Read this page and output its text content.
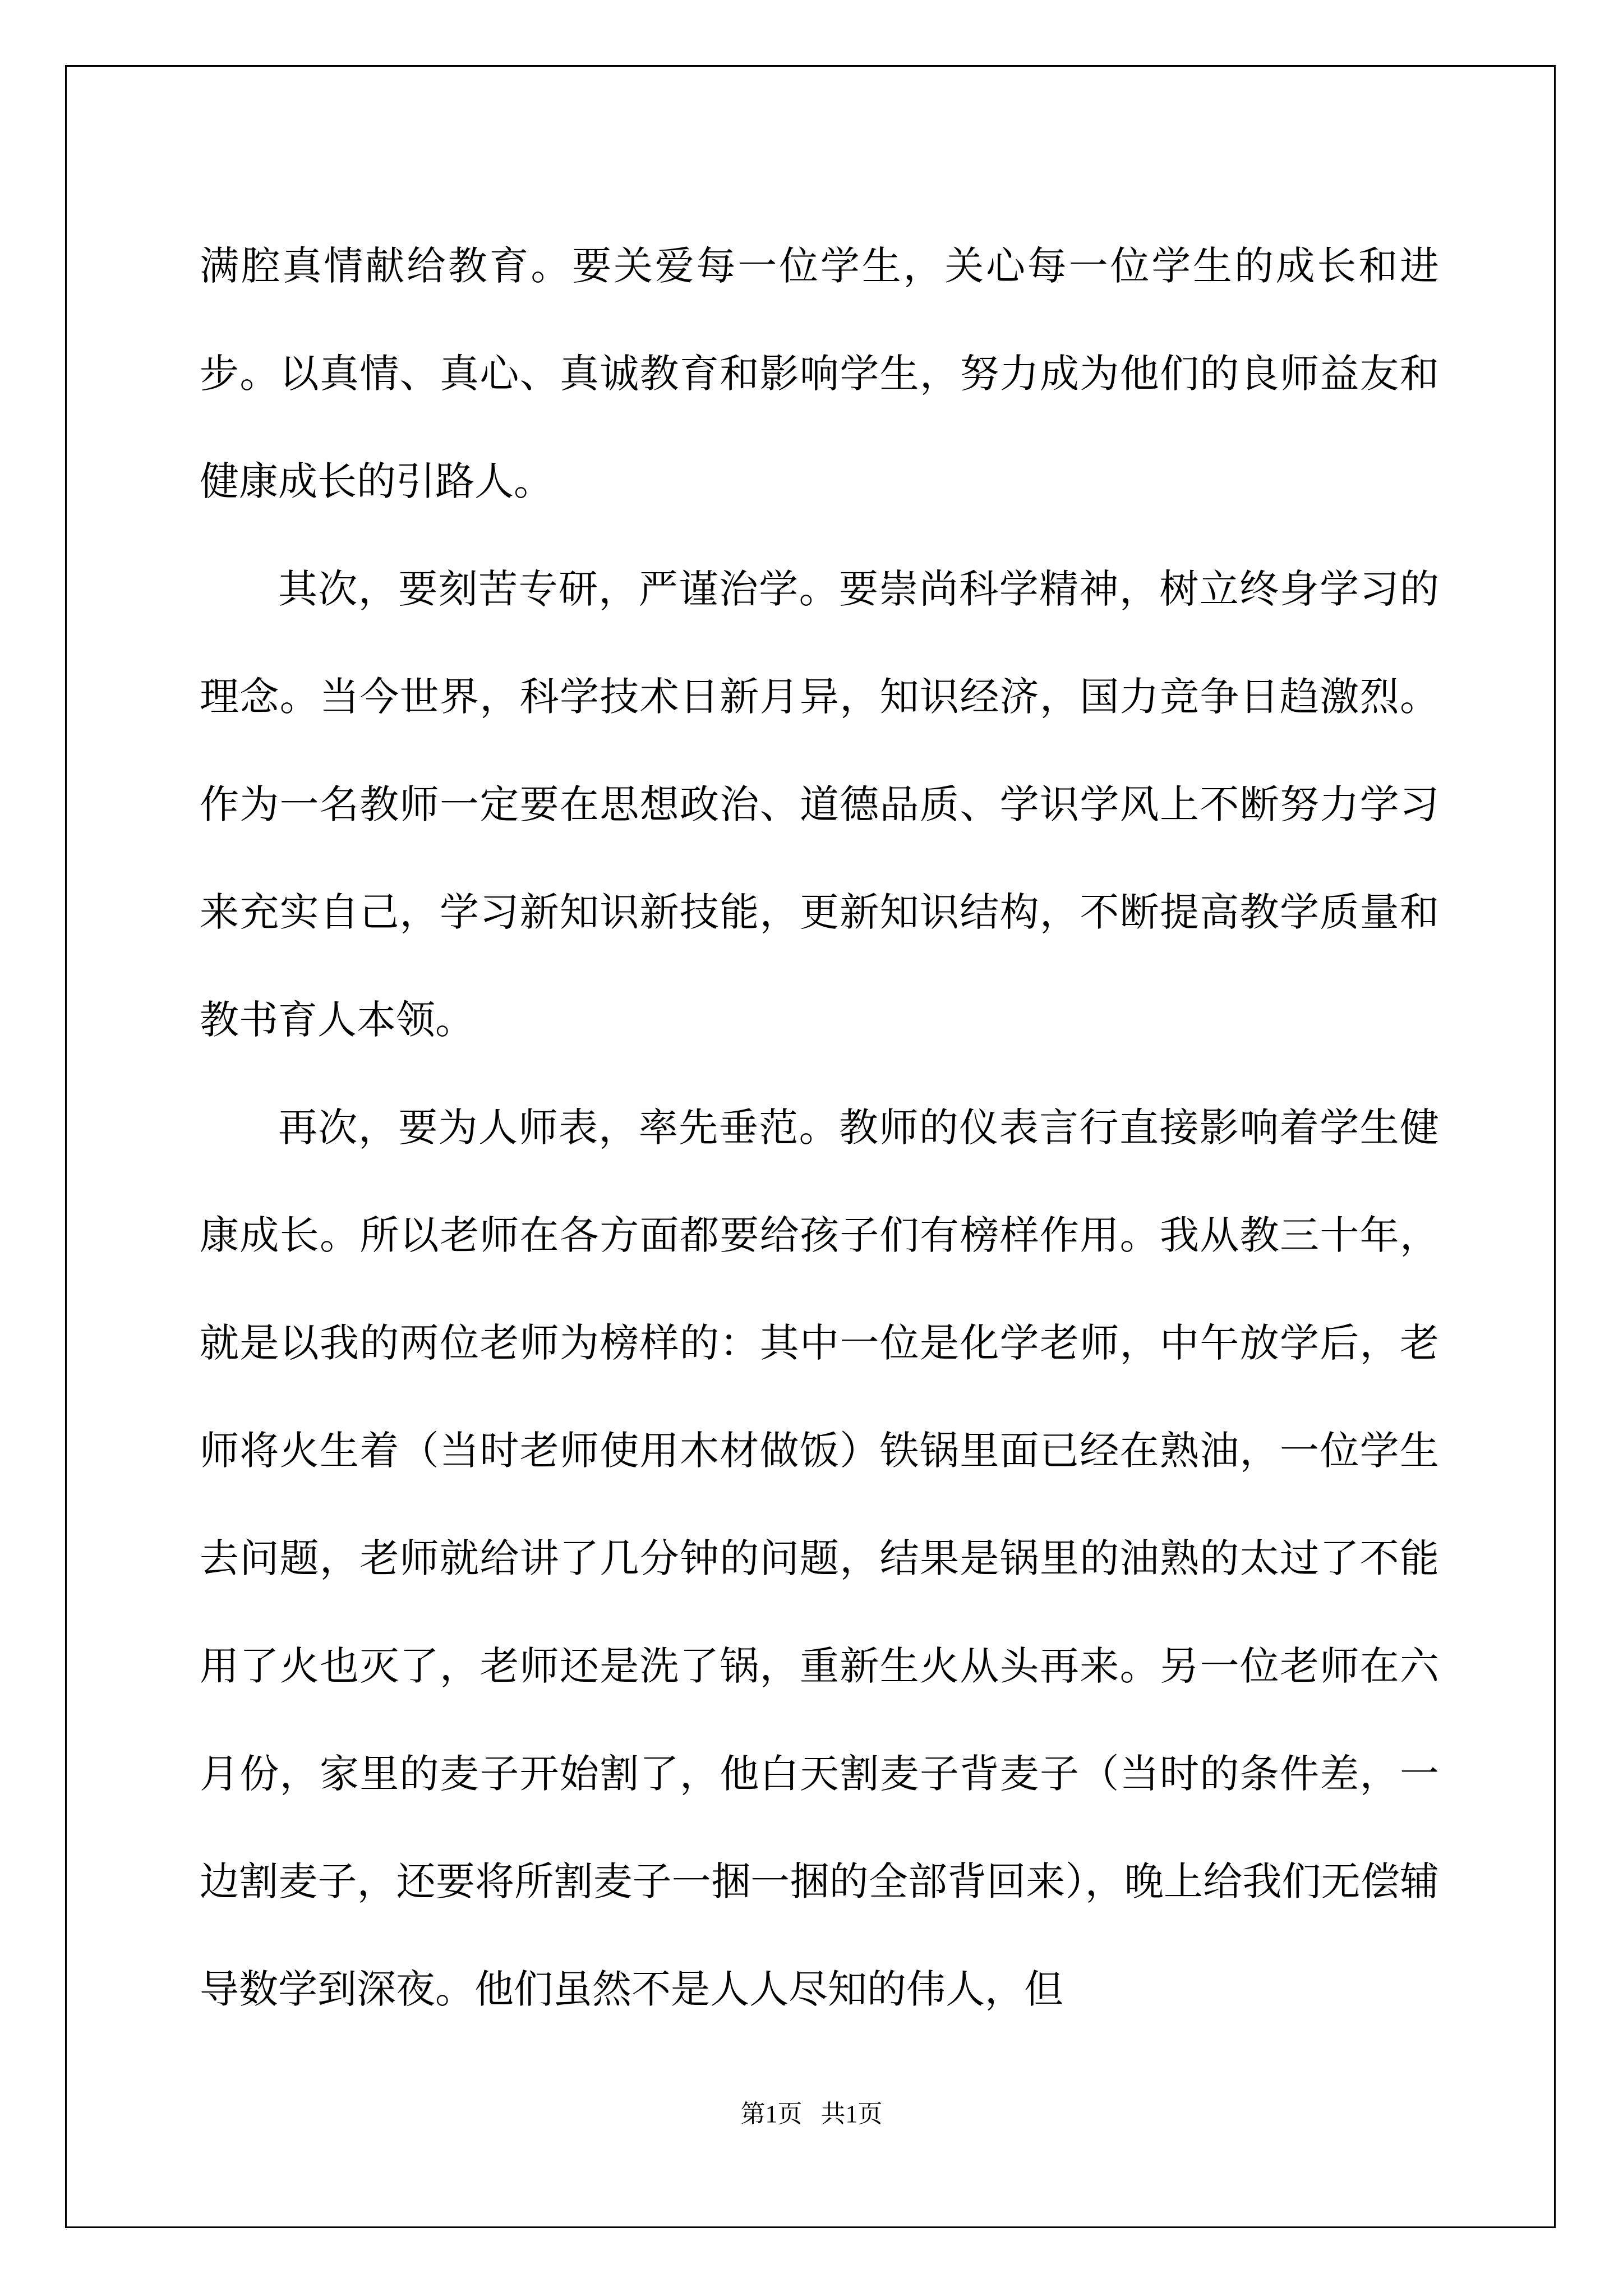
满腔真情献给教育。要关爱每一位学生，关心每一位学生的成长和进步。以真情、真心、真诚教育和影响学生，努力成为他们的良师益友和健康成长的引路人。

其次，要刻苦专研，严谨治学。要崇尚科学精神，树立终身学习的理念。当今世界，科学技术日新月异，知识经济，国力竞争日趋激烈。作为一名教师一定要在思想政治、道德品质、学识学风上不断努力学习来充实自己，学习新知识新技能，更新知识结构，不断提高教学质量和教书育人本领。

再次，要为人师表，率先垂范。教师的仪表言行直接影响着学生健康成长。所以老师在各方面都要给孩子们有榜样作用。我从教三十年，就是以我的两位老师为榜样的：其中一位是化学老师，中午放学后，老师将火生着（当时老师使用木材做饭）铁锅里面已经在熟油，一位学生去问题，老师就给讲了几分钟的问题，结果是锅里的油熟的太过了不能用了火也灭了，老师还是洗了锅，重新生火从头再来。另一位老师在六月份，家里的麦子开始割了，他白天割麦子背麦子（当时的条件差，一边割麦子，还要将所割麦子一捆一捆的全部背回来），晚上给我们无偿辅导数学到深夜。他们虽然不是人人尽知的伟人，但

第1页   共1页
